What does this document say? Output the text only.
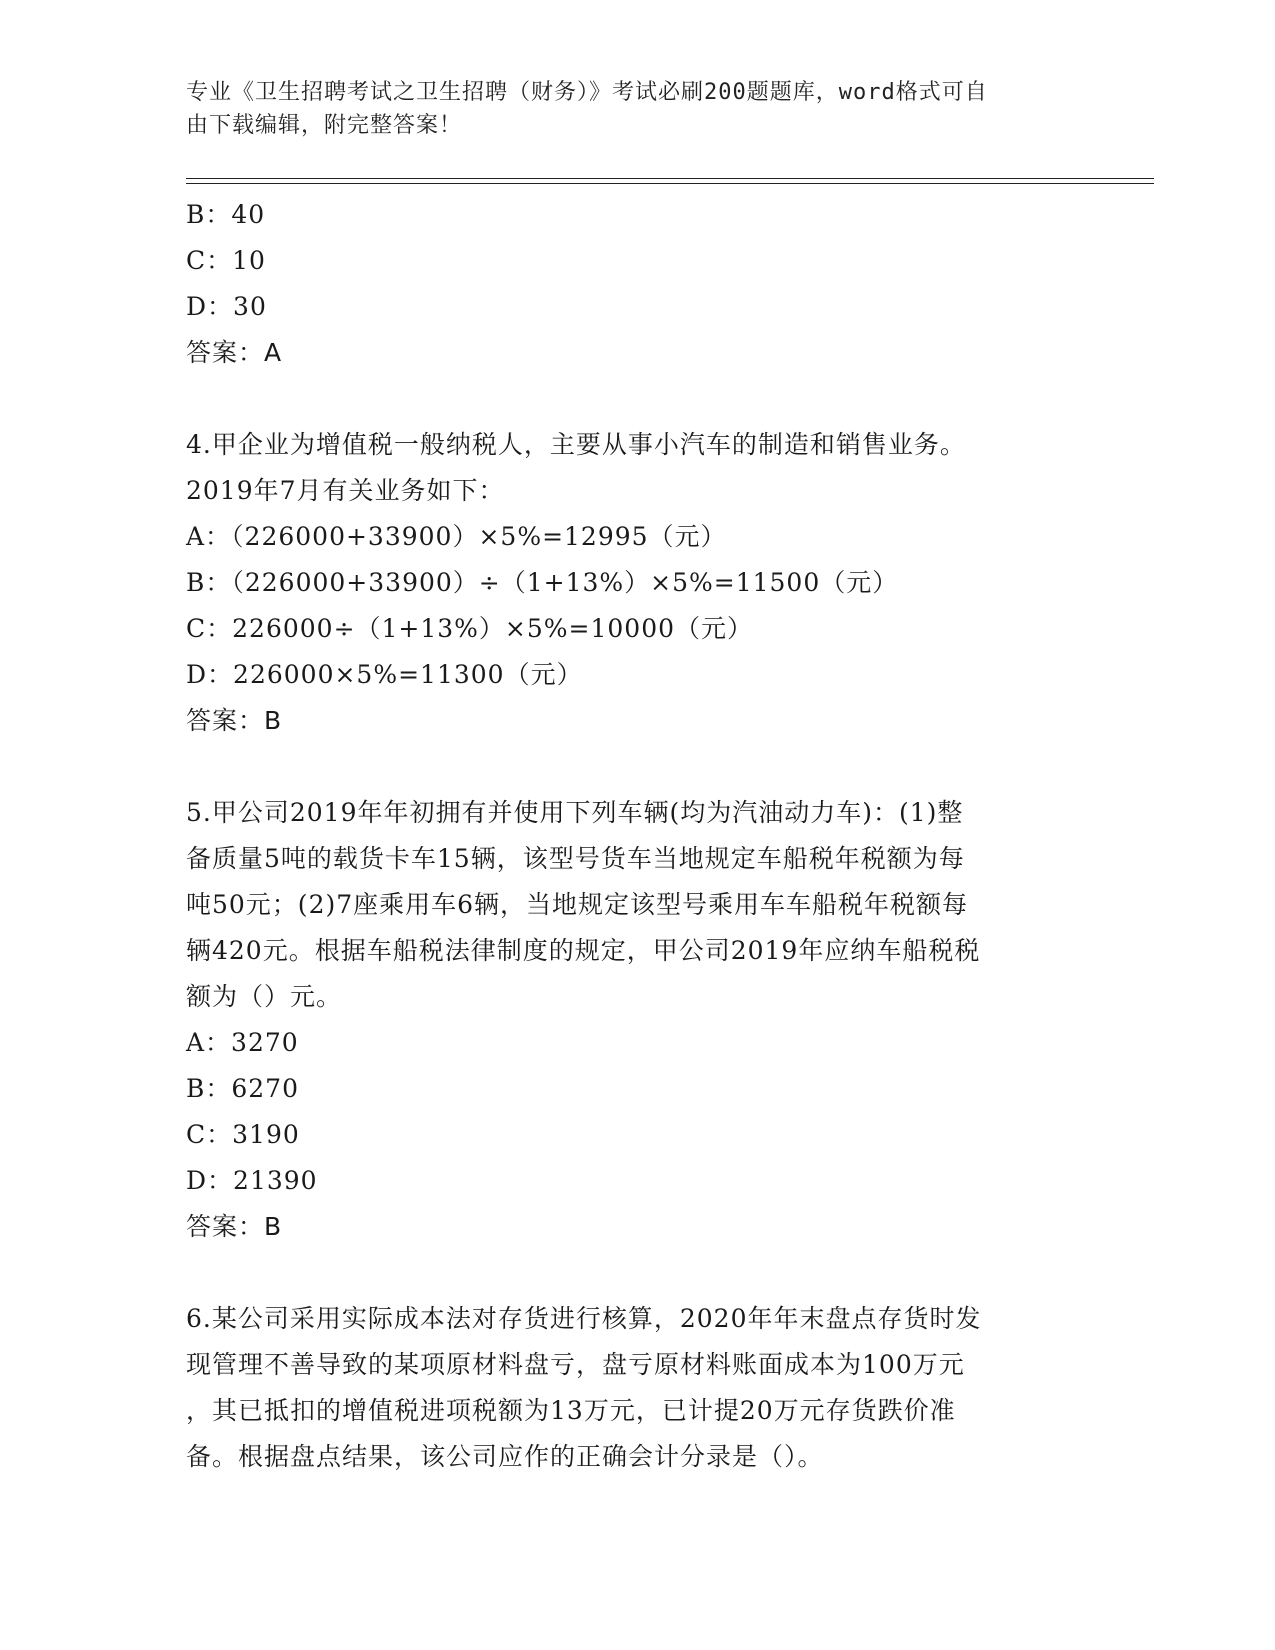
专业《卫生招聘考试之卫生招聘（财务）》考试必刷200题题库，word格式可自
由下载编辑，附完整答案！
B：40
C：10
D：30
答案：A
4.甲企业为增值税一般纳税人，主要从事小汽车的制造和销售业务。
2019年7月有关业务如下：
A：（226000+33900）×5%=12995（元）
B：（226000+33900）÷（1+13%）×5%=11500（元）
C：226000÷（1+13%）×5%=10000（元）
D：226000×5%=11300（元）
答案：B
5.甲公司2019年年初拥有并使用下列车辆(均为汽油动力车)：(1)整
备质量5吨的载货卡车15辆，该型号货车当地规定车船税年税额为每
吨50元；(2)7座乘用车6辆，当地规定该型号乘用车车船税年税额每
辆420元。根据车船税法律制度的规定，甲公司2019年应纳车船税税
额为（）元。
A：3270
B：6270
C：3190
D：21390
答案：B
6.某公司采用实际成本法对存货进行核算，2020年年末盘点存货时发
现管理不善导致的某项原材料盘亏，盘亏原材料账面成本为100万元
，其已抵扣的增值税进项税额为13万元，已计提20万元存货跌价准
备。根据盘点结果，该公司应作的正确会计分录是（）。
